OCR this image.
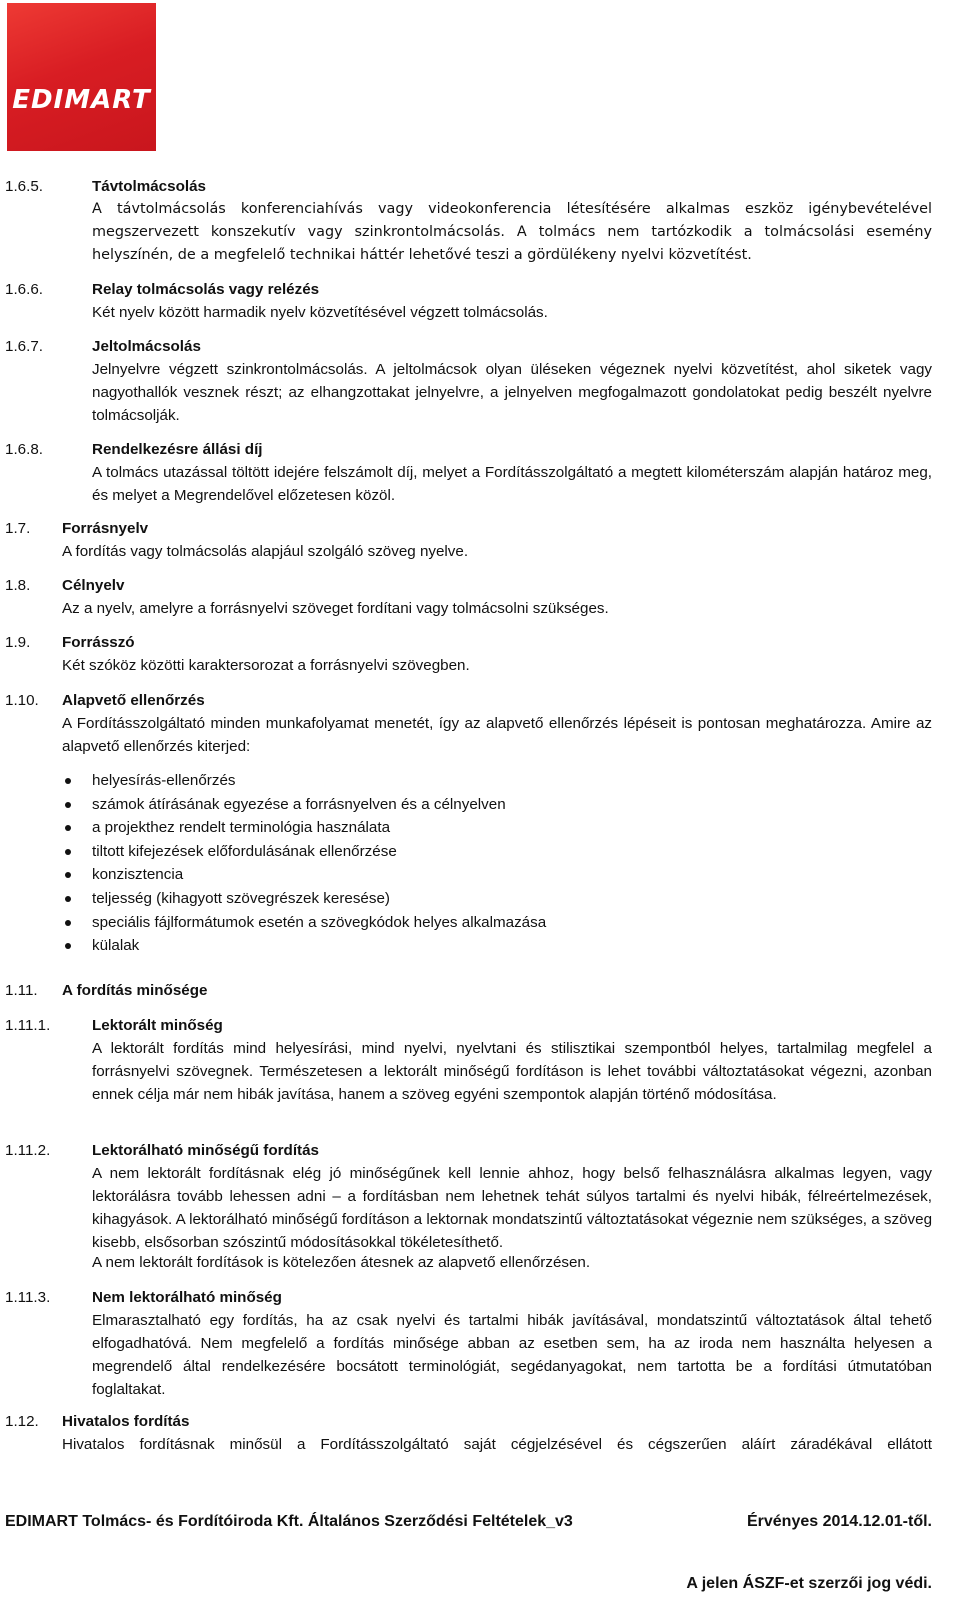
EDIMART
1.6.5.	Távtolmácsolás
A távtolmácsolás konferenciahívás vagy videokonferencia létesítésére alkalmas eszköz igénybevételével megszervezett konszekutív vagy szinkrontolmácsolás. A tolmács nem tartózkodik a tolmácsolási esemény helyszínén, de a megfelelő technikai háttér lehetővé teszi a gördülékeny nyelvi közvetítést.
1.6.6.	Relay tolmácsolás vagy relézés
Két nyelv között harmadik nyelv közvetítésével végzett tolmácsolás.
1.6.7.	Jeltolmácsolás
Jelnyelvre végzett szinkrontolmácsolás. A jeltolmácsok olyan üléseken végeznek nyelvi közvetítést, ahol siketek vagy nagyothallók vesznek részt; az elhangzottakat jelnyelvre, a jelnyelven megfogalmazott gondolatokat pedig beszélt nyelvre tolmácsolják.
1.6.8.	Rendelkezésre állási díj
A tolmács utazással töltött idejére felszámolt díj, melyet a Fordításszolgáltató a megtett kilométerszám alapján határoz meg, és melyet a Megrendelővel előzetesen közöl.
1.7. Forrásnyelv
A fordítás vagy tolmácsolás alapjául szolgáló szöveg nyelve.
1.8. Célnyelv
Az a nyelv, amelyre a forrásnyelvi szöveget fordítani vagy tolmácsolni szükséges.
1.9. Forrásszó
Két szóköz közötti karaktersorozat a forrásnyelvi szövegben.
1.10. Alapvető ellenőrzés
A Fordításszolgáltató minden munkafolyamat menetét, így az alapvető ellenőrzés lépéseit is pontosan meghatározza. Amire az alapvető ellenőrzés kiterjed:
helyesírás-ellenőrzés
számok átírásának egyezése a forrásnyelven és a célnyelven
a projekthez rendelt terminológia használata
tiltott kifejezések előfordulásának ellenőrzése
konzisztencia
teljesség (kihagyott szövegrészek keresése)
speciális fájlformátumok esetén a szövegkódok helyes alkalmazása
külalak
1.11. A fordítás minősége
1.11.1.	Lektorált minőség
A lektorált fordítás mind helyesírási, mind nyelvi, nyelvtani és stilisztikai szempontból helyes, tartalmilag megfelel a forrásnyelvi szövegnek. Természetesen a lektorált minőségű fordításon is lehet további változtatásokat végezni, azonban ennek célja már nem hibák javítása, hanem a szöveg egyéni szempontok alapján történő módosítása.
1.11.2.	Lektorálható minőségű fordítás
A nem lektorált fordításnak elég jó minőségűnek kell lennie ahhoz, hogy belső felhasználásra alkalmas legyen, vagy lektorálásra tovább lehessen adni – a fordításban nem lehetnek tehát súlyos tartalmi és nyelvi hibák, félreértelmezések, kihagyások. A lektorálható minőségű fordításon a lektornak mondatszintű változtatásokat végeznie nem szükséges, a szöveg kisebb, elsősorban szószintű módosításokkal tökéletesíthető.
A nem lektorált fordítások is kötelezően átesnek az alapvető ellenőrzésen.
1.11.3.	Nem lektorálható minőség
Elmarasztalható egy fordítás, ha az csak nyelvi és tartalmi hibák javításával, mondatszintű változtatások által tehető elfogadhatóvá. Nem megfelelő a fordítás minősége abban az esetben sem, ha az iroda nem használta helyesen a megrendelő által rendelkezésére bocsátott terminológiát, segédanyagokat, nem tartotta be a fordítási útmutatóban foglaltakat.
1.12. Hivatalos fordítás
Hivatalos fordításnak minősül a Fordításszolgáltató saját cégjelzésével és cégszerűen aláírt záradékával ellátott
EDIMART Tolmács- és Fordítóiroda Kft. Általános Szerződési Feltételek_v3	Érvényes 2014.12.01-től.
A jelen ÁSZF-et szerzői jog védi.
